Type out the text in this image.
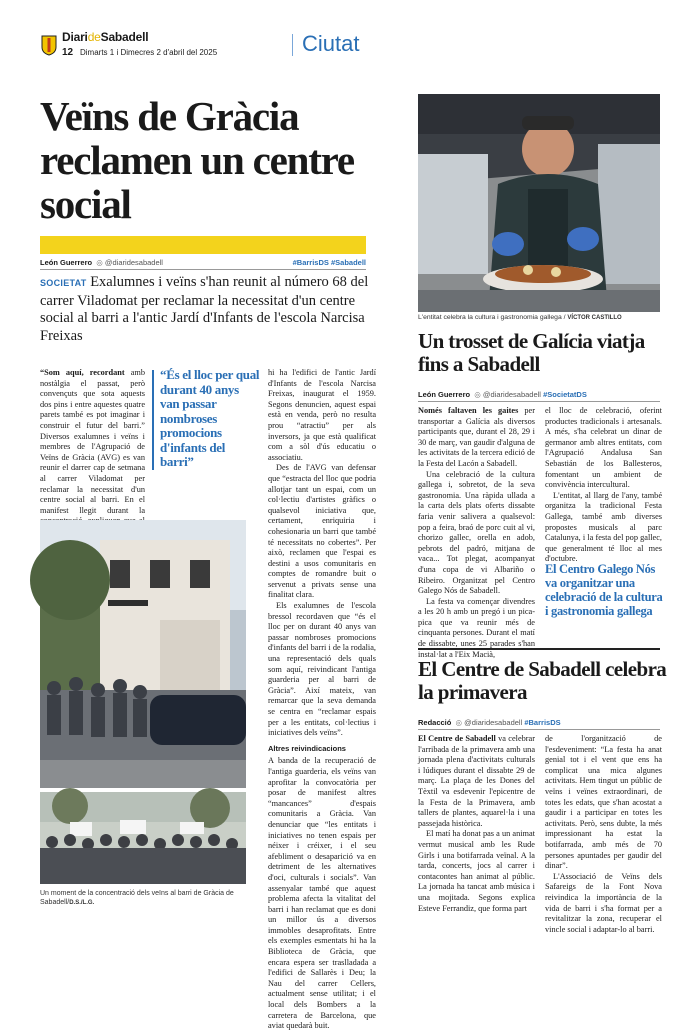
DiarideSabadell
12 Dimarts 1 i Dimecres 2 d'abril del 2025	Ciutat
Veïns de Gràcia reclamen un centre social
León Guerrero  ◎ @diaridesabadell	#BarrisDS #Sabadell
SOCIETAT Exalumnes i veïns s'han reunit al número 68 del carrer Viladomat per reclamar la necessitat d'un centre social al barri a l'antic Jardí d'Infants de l'escola Narcisa Freixas

“Som aquí, recordant amb nostàlgia el passat, però convençuts que sota aquests dos pins i entre aquestes quatre parets també es pot imaginar i construir el futur del barri.” Diversos exalumnes i veïns i membres de l'Agrupació de Veïns de Gràcia (AVG) es van reunir el darrer cap de setmana al carrer Viladomat per reclamar la necessitat d'un centre social al barri. En el manifest llegit durant la

“És el lloc per qual durant 40 anys van passar nombroses promocions d'infants del barri”

hi ha l'edifici de l'antic Jardí d'Infants de l'escola Narcisa Freixas, inaugurat el 1959. Segons denuncien, aquest espai està en venda, però no resulta prou “atractiu” per als inversors, ja que està qualificat com a sòl d'ús educatiu o associatiu.

Des de l'AVG van defensar que “estracta del lloc que podria allotjar tant un espai, com un col·lectiu d'artistes gràfics o qualsevol iniciativa que, certament, enriquiria i cohesionaria un barri que també té necessitats no cobertes”. Per això, reclamen que l'espai es destini a usos comunitaris en comptes de romandre buit o servenut a privats sense una finalitat clara.

Els exalumnes de l'escola bressol recordaven que “és el lloc per on durant 40 anys van passar nombroses promocions d'infants del barri i de la rodalia, una representació dels quals som aquí, reivindicant l'antiga guarderia per al barri de Gràcia”. Així mateix, van remarcar que la seva demanda se centra en “reclamar espais per a les entitats, col·lectius i iniciatives dels veïns”.

Altres reivindicacions

A banda de la recuperació de l'antiga guarderia, els veïns van aprofitar la convocatòria per posar de manifest altres “mancances” d'espais comunitaris a Gràcia. Van denunciar que “les entitats i iniciatives no tenen espais per néixer i créixer, i el seu afebliment o desaparició va en detriment de les alternatives d'oci, culturals i socials”. Van assenyalar també que aquest problema afecta la vitalitat del barri i han reclamat que es doni un millor ús a diversos immobles desaprofitats. Entre els exemples esmentats hi ha la Biblioteca de Gràcia, que encara espera ser traslladada a l'edifici de Sallarès i Deu; la Nau del carrer Cellers, actualment sense utilitat; i el local dels Bombers a la carretera de Barcelona, que aviat quedarà buit.

Un moment de la concentració dels veïns al barri de Gràcia de Sabadell/D.S./L.G.
L'entitat celebra la cultura i gastronomia gallega / VÍCTOR CASTILLO
Un trosset de Galícia viatja fins a Sabadell
León Guerrero  ◎ @diaridesabadell #SocietatDS

Només faltaven les gaites per transportar a Galícia als diversos participants que, durant el 28, 29 i 30 de març, van gaudir d'alguna de les activitats de la tercera edició de la Festa del Lacón a Sabadell.

Una celebració de la cultura gallega i, sobretot, de la seva gastronomia. Una ràpida ullada a la carta dels plats oferts dissabte faria venir salivera a qualsevol: pop a feira, braó de porc cuit al vi, chorizo gallec, orella en adob, pebrots del padró, mitjana de vaca... Tot plegat, acompanyat d'una copa de vi Albariño o Ribeiro. Organitzat pel Centro Galego Nós de Sabadell.

La festa va començar divendres a les 20 h amb un pregó i un pica-pica que va reunir més de cinquanta persones. Durant el matí de dissabte, unes 25 parades s'han instal·lat a l'Eix Macià,

el lloc de celebració, oferint productes tradicionals i artesanals. A més, s'ha celebrat un dinar de germanor amb altres entitats, com l'Agrupació Andalusa San Sebastián de los Ballesteros, fomentant un ambient de convivència intercultural.

L'entitat, al llarg de l'any, també organitza la tradicional Festa Gallega, també amb diverses propostes musicals al parc Catalunya, i la festa del pop gallec, que generalment té lloc al mes d'octubre.

El Centro Galego Nós va organitzar una celebració de la cultura i gastronomia gallega
El Centre de Sabadell celebra la primavera
Redacció  ◎ @diaridesabadell #BarrisDS

El Centre de Sabadell va celebrar l'arribada de la primavera amb una jornada plena d'activitats culturals i lúdiques durant el dissabte 29 de març. La plaça de les Dones del Tèxtil va esdevenir l'epicentre de la Festa de la Primavera, amb tallers de plantes, aquarel·la i una passejada històrica.

El matí ha donat pas a un animat vermut musical amb les Rude Girls i una botifarrada veïnal. A la tarda, concerts, jocs al carrer i contacontes han animat al públic. La jornada ha tancat amb música i una mojitada. Segons explica Esteve Ferrandiz, que forma part

de l'organització de l'esdeveniment: “La festa ha anat genial tot i el vent que ens ha complicat una mica algunes activitats. Hem tingut un públic de veïns i veïnes extraordinari, de totes les edats, que s'han acostat a gaudir i a participar en totes les activitats. Però, sens dubte, la més impressionant ha estat la botifarrada, amb més de 70 persones apuntades per gaudir del dinar”.

L'Associació de Veïns dels Safareigs de la Font Nova reivindica la importància de la vida de barri i s'ha format per a revitalitzar la zona, recuperar el vincle social i adaptar-lo al barri.
